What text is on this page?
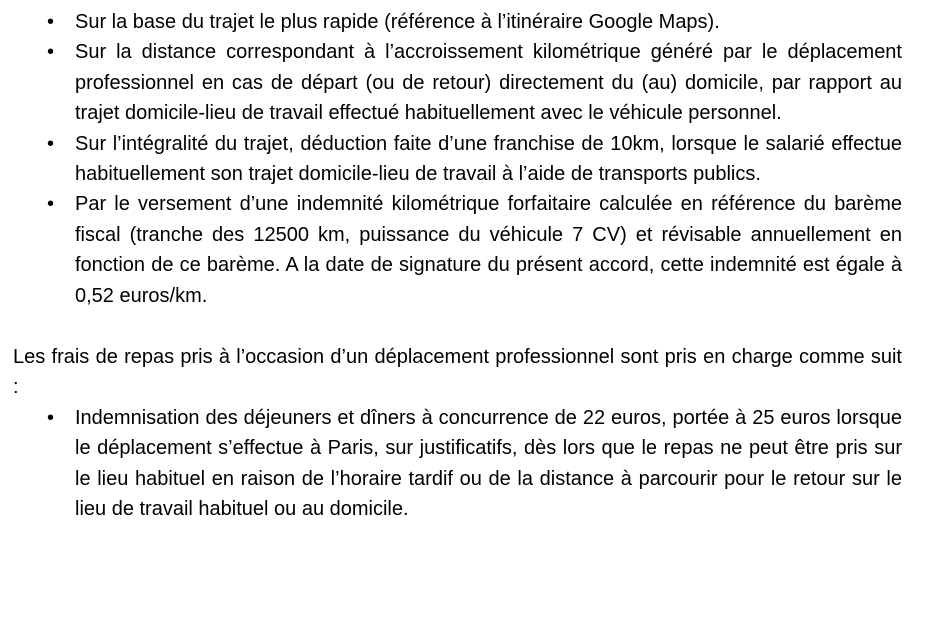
• Sur la base du trajet le plus rapide (référence à l’itinéraire Google Maps).
• Sur la distance correspondant à l’accroissement kilométrique généré par le déplacement professionnel en cas de départ (ou de retour) directement du (au) domicile, par rapport au trajet domicile-lieu de travail effectué habituellement avec le véhicule personnel.
• Sur l’intégralité du trajet, déduction faite d’une franchise de 10km, lorsque le salarié effectue habituellement son trajet domicile-lieu de travail à l’aide de transports publics.
• Par le versement d’une indemnité kilométrique forfaitaire calculée en référence du barème fiscal (tranche des 12500 km, puissance du véhicule 7 CV) et révisable annuellement en fonction de ce barème. A la date de signature du présent accord, cette indemnité est égale à 0,52 euros/km.

Les frais de repas pris à l’occasion d’un déplacement professionnel sont pris en charge comme suit :

• Indemnisation des déjeuners et dîners à concurrence de 22 euros, portée à 25 euros lorsque le déplacement s’effectue à Paris, sur justificatifs, dès lors que le repas ne peut être pris sur le lieu habituel en raison de l’horaire tardif ou de la distance à parcourir pour le retour sur le lieu de travail habituel ou au domicile.
